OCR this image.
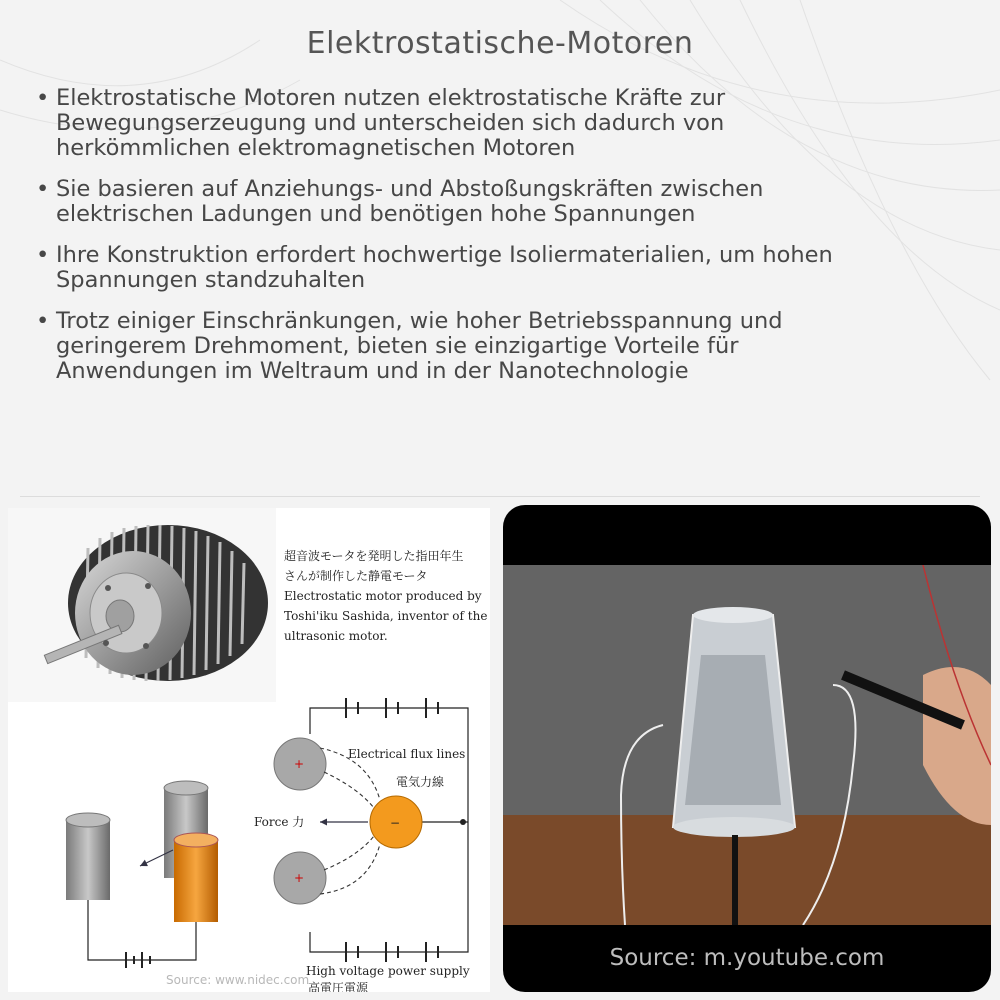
Elektrostatische-Motoren
• Elektrostatische Motoren nutzen elektrostatische Kräfte zur
Bewegungserzeugung und unterscheiden sich dadurch von
herkömmlichen elektromagnetischen Motoren
• Sie basieren auf Anziehungs- und Abstoßungskräften zwischen
elektrischen Ladungen und benötigen hohe Spannungen
• Ihre Konstruktion erfordert hochwertige Isoliermaterialien, um hohen
Spannungen standzuhalten
• Trotz einiger Einschränkungen, wie hoher Betriebsspannung und
geringerem Drehmoment, bieten sie einzigartige Vorteile für
Anwendungen im Weltraum und in der Nanotechnologie
超音波モータを発明した指田年生
さんが制作した静電モータ
Electrostatic motor produced by
Toshi'iku Sashida, inventor of the
ultrasonic motor.
+
+
−
Electrical flux lines
電気力線
Force 力
High voltage power supply
高電圧電源
Source: www.nidec.com
Source: m.youtube.com
